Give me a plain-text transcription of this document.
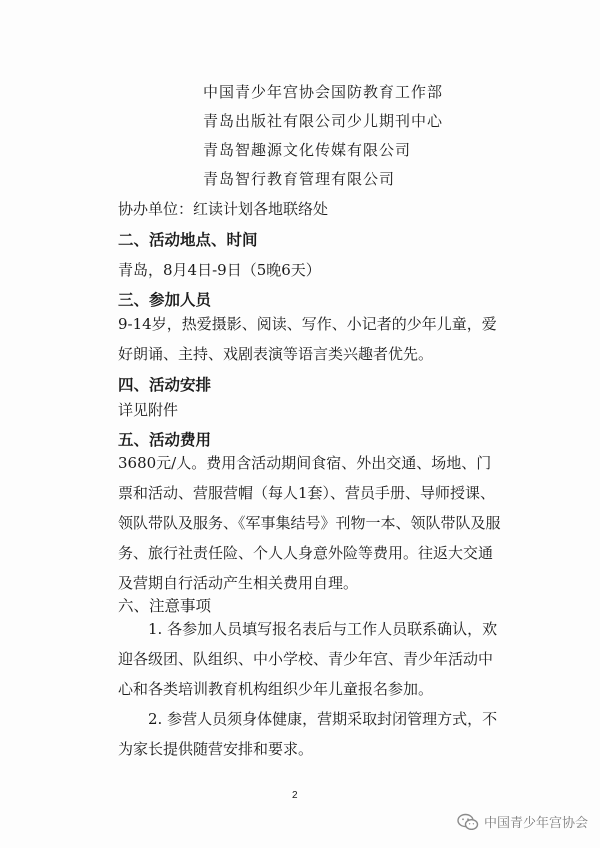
中国青少年宫协会国防教育工作部
青岛出版社有限公司少儿期刊中心
青岛智趣源文化传媒有限公司
青岛智行教育管理有限公司
协办单位：红读计划各地联络处
二、活动地点、时间
青岛，8月4日-9日（5晚6天）
三、参加人员
9-14岁，热爱摄影、阅读、写作、小记者的少年儿童，爱好朗诵、主持、戏剧表演等语言类兴趣者优先。
四、活动安排
详见附件
五、活动费用
3680元/人。费用含活动期间食宿、外出交通、场地、门票和活动、营服营帽（每人1套）、营员手册、导师授课、领队带队及服务、《军事集结号》刊物一本、领队带队及服务、旅行社责任险、个人人身意外险等费用。往返大交通及营期自行活动产生相关费用自理。
六、注意事项
1. 各参加人员填写报名表后与工作人员联系确认，欢迎各级团、队组织、中小学校、青少年宫、青少年活动中心和各类培训教育机构组织少年儿童报名参加。
2. 参营人员须身体健康，营期采取封闭管理方式，不为家长提供随营安排和要求。
2
中国青少年宫协会
